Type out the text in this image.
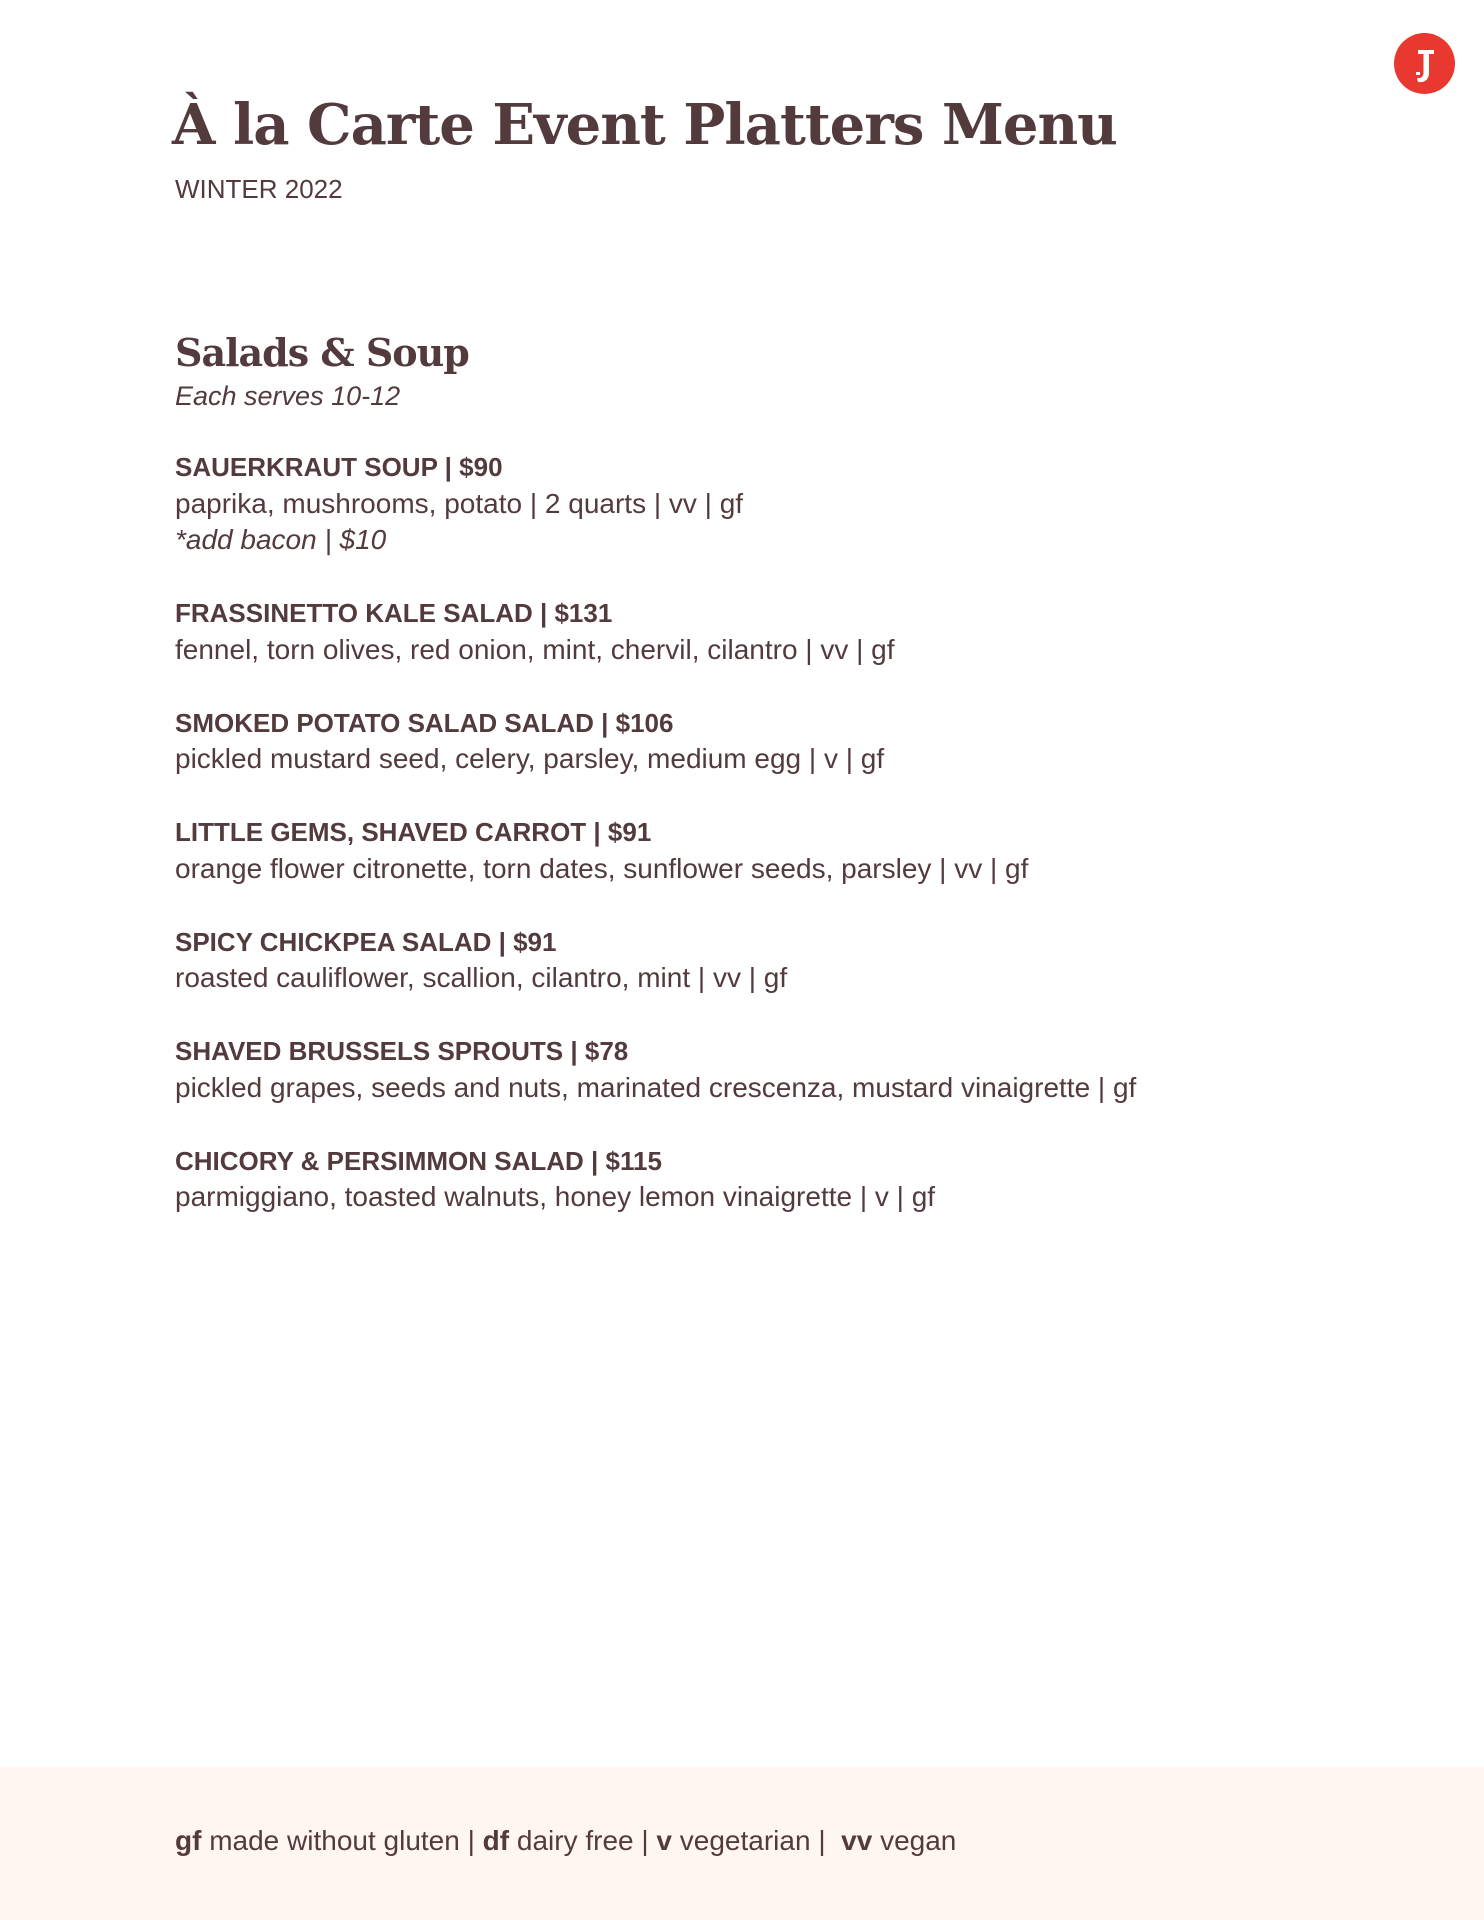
À la Carte Event Platters Menu
WINTER 2022
Salads & Soup
Each serves 10-12
SAUERKRAUT SOUP | $90
paprika, mushrooms, potato | 2 quarts | vv | gf
*add bacon | $10
FRASSINETTO KALE SALAD | $131
fennel, torn olives, red onion, mint, chervil, cilantro | vv | gf
SMOKED POTATO SALAD SALAD | $106
pickled mustard seed, celery, parsley, medium egg | v | gf
LITTLE GEMS, SHAVED CARROT | $91
orange flower citronette, torn dates, sunflower seeds, parsley | vv | gf
SPICY CHICKPEA SALAD | $91
roasted cauliflower, scallion, cilantro, mint | vv | gf
SHAVED BRUSSELS SPROUTS | $78
pickled grapes, seeds and nuts, marinated crescenza, mustard vinaigrette | gf
CHICORY & PERSIMMON SALAD | $115
parmiggiano, toasted walnuts, honey lemon vinaigrette | v | gf
gf made without gluten | df dairy free | v vegetarian |  vv vegan
